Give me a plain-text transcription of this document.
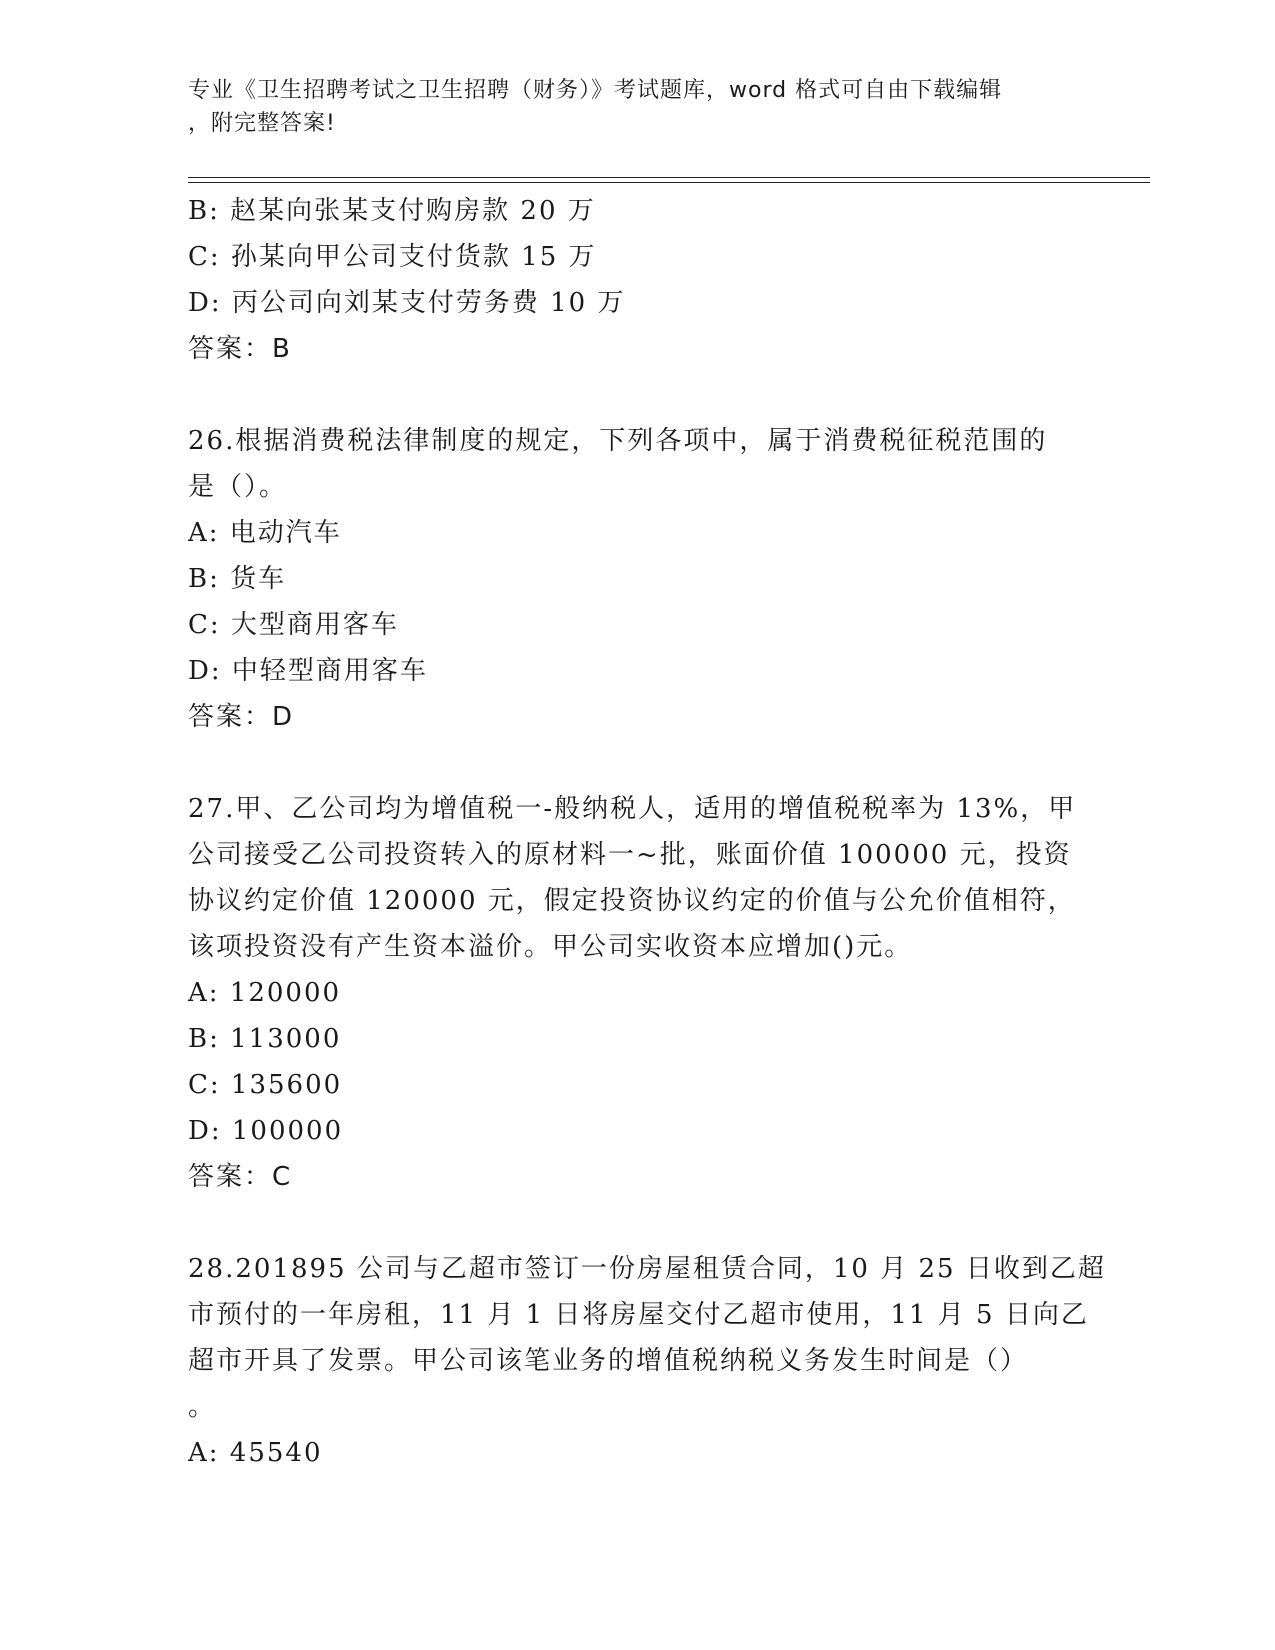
专业《卫生招聘考试之卫生招聘（财务）》考试题库，word 格式可自由下载编辑
，附完整答案!

B: 赵某向张某支付购房款 20 万

C: 孙某向甲公司支付货款 15 万

D: 丙公司向刘某支付劳务费 10 万

答案：B

26.根据消费税法律制度的规定，下列各项中，属于消费税征税范围的

是（）。

A: 电动汽车

B: 货车

C: 大型商用客车

D: 中轻型商用客车

答案：D

27.甲、乙公司均为增值税一-般纳税人，适用的增值税税率为 13%，甲

公司接受乙公司投资转入的原材料一~批，账面价值 100000 元，投资

协议约定价值 120000 元，假定投资协议约定的价值与公允价值相符，

该项投资没有产生资本溢价。甲公司实收资本应增加()元。

A: 120000

B: 113000

C: 135600

D: 100000

答案：C

28.201895 公司与乙超市签订一份房屋租赁合同，10 月 25 日收到乙超

市预付的一年房租，11 月 1 日将房屋交付乙超市使用，11 月 5 日向乙

超市开具了发票。甲公司该笔业务的增值税纳税义务发生时间是（）

。

A: 45540
